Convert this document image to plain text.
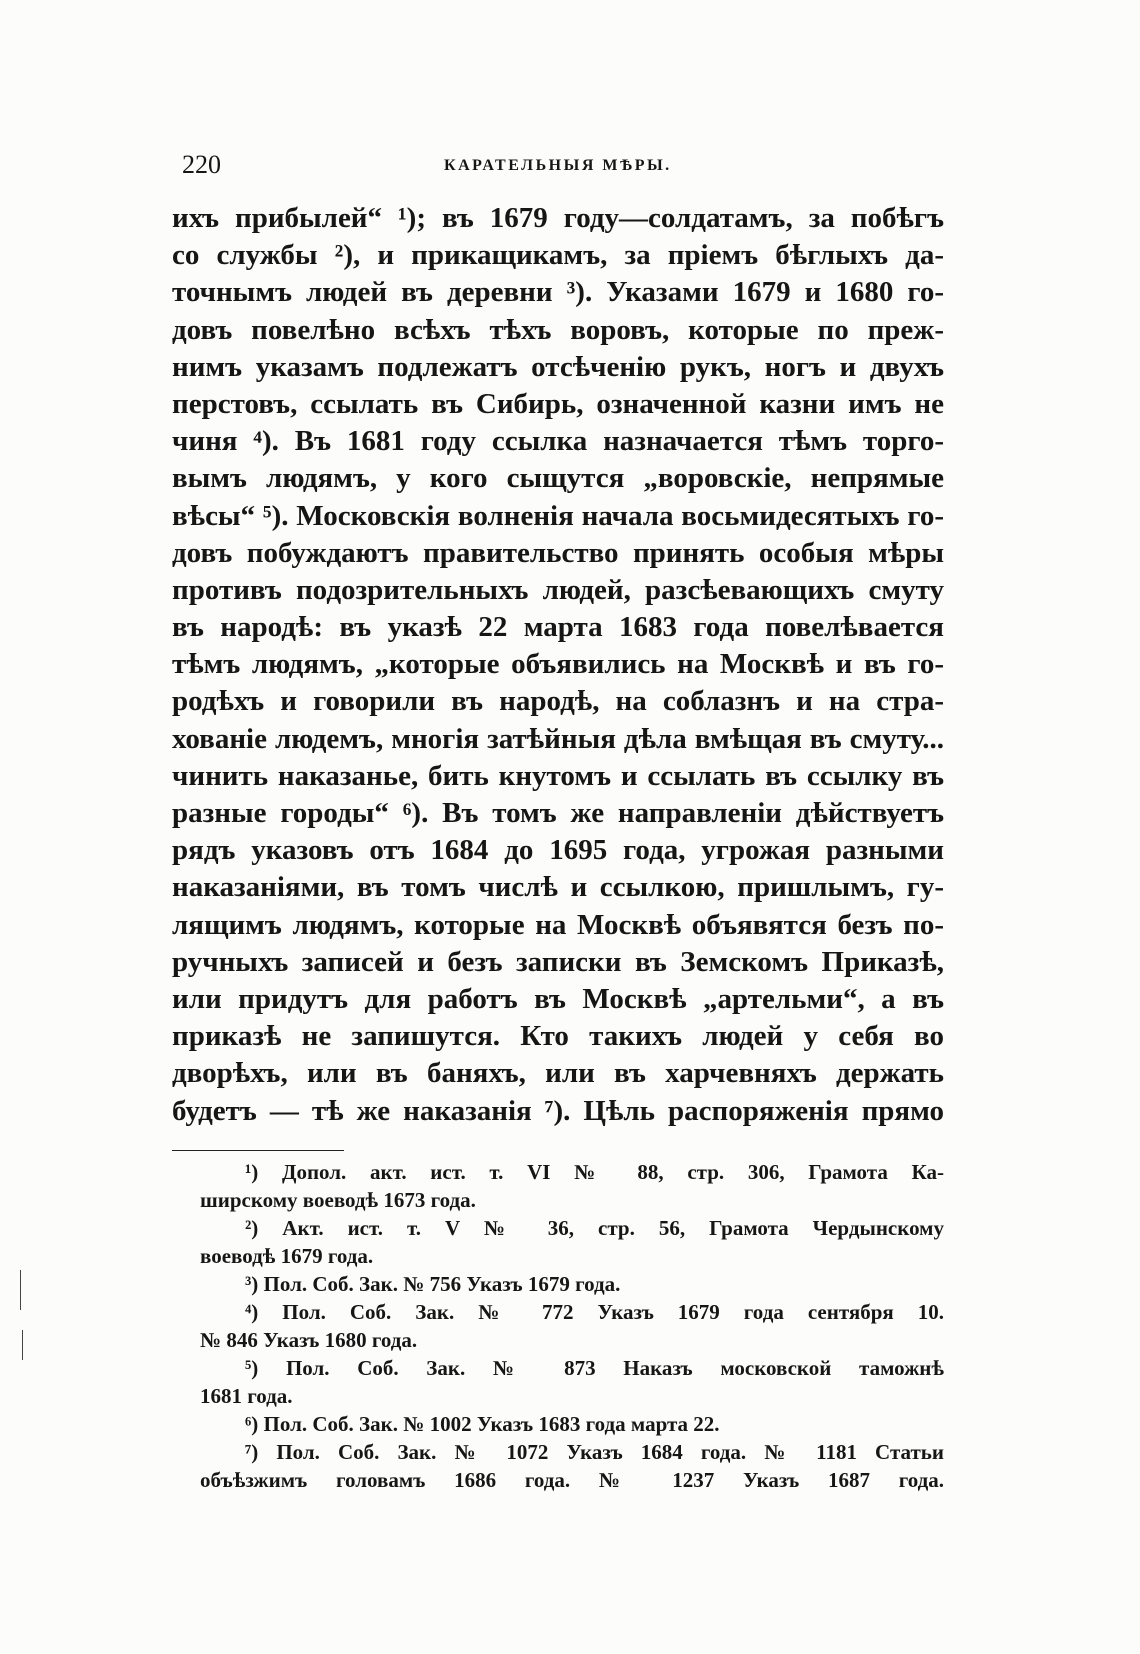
220	КАРАТЕЛЬНЫЯ МѢРЫ.
ихъ прибылей“ ¹); въ 1679 году—солдатамъ, за побѣгъ
со службы ²), и прикащикамъ, за пріемъ бѣглыхъ да-
точнымъ людей въ деревни ³). Указами 1679 и 1680 го-
довъ повелѣно всѣхъ тѣхъ воровъ, которые по преж-
нимъ указамъ подлежатъ отсѣченію рукъ, ногъ и двухъ
перстовъ, ссылать въ Сибирь, означенной казни имъ не
чиня ⁴). Въ 1681 году ссылка назначается тѣмъ торго-
вымъ людямъ, у кого сыщутся „воровскіе, непрямые
вѣсы“ ⁵). Московскія волненія начала восьмидесятыхъ го-
довъ побуждаютъ правительство принять особыя мѣры
противъ подозрительныхъ людей, разсѣевающихъ смуту
въ народѣ: въ указѣ 22 марта 1683 года повелѣвается
тѣмъ людямъ, „которые объявились на Москвѣ и въ го-
родѣхъ и говорили въ народѣ, на соблазнъ и на стра-
хованіе людемъ, многія затѣйныя дѣла вмѣщая въ смуту...
чинить наказанье, бить кнутомъ и ссылать въ ссылку въ
разные городы“ ⁶). Въ томъ же направленіи дѣйствуетъ
рядъ указовъ отъ 1684 до 1695 года, угрожая разными
наказаніями, въ томъ числѣ и ссылкою, пришлымъ, гу-
лящимъ людямъ, которые на Москвѣ объявятся безъ по-
ручныхъ записей и безъ записки въ Земскомъ Приказѣ,
или придутъ для работъ въ Москвѣ „артельми“, а въ
приказѣ не запишутся. Кто такихъ людей у себя во
дворѣхъ, или въ баняхъ, или въ харчевняхъ держать
будетъ — тѣ же наказанія ⁷). Цѣль распоряженія прямо
¹) Допол. акт. ист. т. VI № 88, стр. 306, Грамота Ка-
ширскому воеводѣ 1673 года.
²) Акт. ист. т. V № 36, стр. 56, Грамота Чердынскому
воеводѣ 1679 года.
³) Пол. Соб. Зак. № 756 Указъ 1679 года.
⁴) Пол. Соб. Зак. № 772 Указъ 1679 года сентября 10.
№ 846 Указъ 1680 года.
⁵) Пол. Соб. Зак. № 873 Наказъ московской таможнѣ
1681 года.
⁶) Пол. Соб. Зак. № 1002 Указъ 1683 года марта 22.
⁷) Пол. Соб. Зак. № 1072 Указъ 1684 года. № 1181 Статьи
объѣзжимъ головамъ 1686 года. № 1237 Указъ 1687 года.
